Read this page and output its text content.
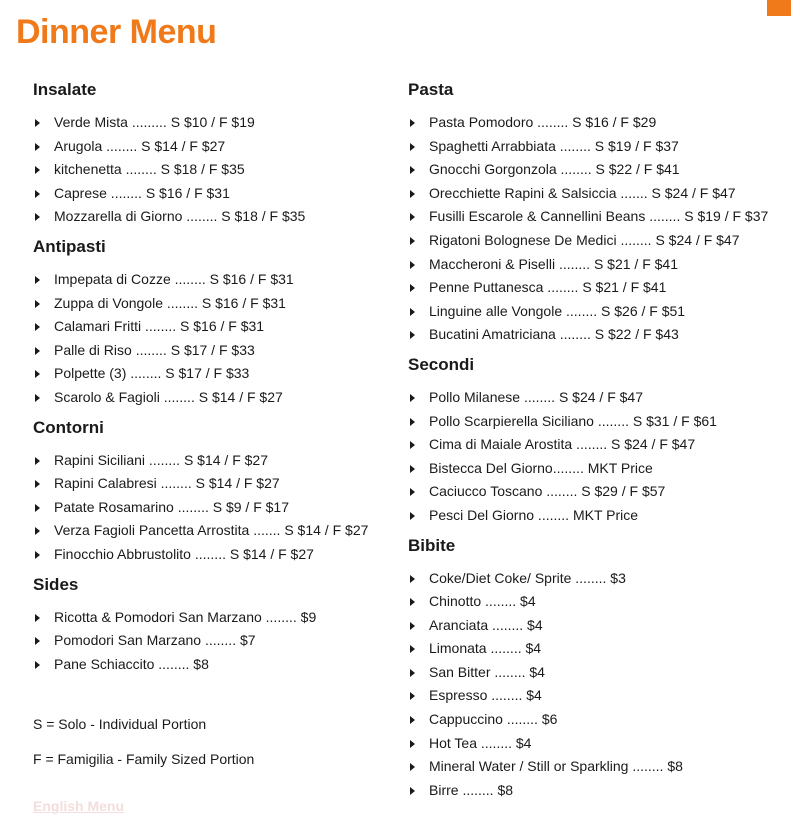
Dinner Menu
Insalate
Verde Mista ......... S $10 / F $19
Arugola ........ S $14 / F $27
kitchenetta ........ S $18 / F $35
Caprese ........ S $16 / F $31
Mozzarella di Giorno ........ S $18 / F $35
Antipasti
Impepata di Cozze ........ S $16 / F $31
Zuppa di Vongole ........ S $16 / F $31
Calamari Fritti ........ S $16 / F $31
Palle di Riso ........ S $17 / F $33
Polpette (3) ........ S $17 / F $33
Scarolo & Fagioli ........ S $14 / F $27
Contorni
Rapini Siciliani ........ S $14 / F $27
Rapini Calabresi ........ S $14 / F $27
Patate Rosamarino ........ S $9 / F $17
Verza Fagioli Pancetta Arrostita ....... S $14 / F $27
Finocchio Abbrustolito ........ S $14 / F $27
Sides
Ricotta & Pomodori San Marzano ........ $9
Pomodori San Marzano ........ $7
Pane Schiaccito ........ $8
Pasta
Pasta Pomodoro ........ S $16 / F $29
Spaghetti Arrabbiata ........ S $19 / F $37
Gnocchi Gorgonzola ........ S $22 / F $41
Orecchiette Rapini & Salsiccia ....... S $24 / F $47
Fusilli Escarole & Cannellini Beans ........ S $19 / F $37
Rigatoni Bolognese De Medici ........ S $24 / F $47
Maccheroni & Piselli ........ S $21 / F $41
Penne Puttanesca ........ S $21 / F $41
Linguine alle Vongole ........ S $26 / F $51
Bucatini Amatriciana ........ S $22 / F $43
Secondi
Pollo Milanese ........ S $24 / F $47
Pollo Scarpierella Siciliano ........ S $31 / F $61
Cima di Maiale Arostita ........ S $24 / F $47
Bistecca Del Giorno........ MKT Price
Caciucco Toscano ........ S $29 / F $57
Pesci Del Giorno ........ MKT Price
Bibite
Coke/Diet Coke/ Sprite ........ $3
Chinotto ........ $4
Aranciata ........ $4
Limonata ........ $4
San Bitter ........ $4
Espresso ........ $4
Cappuccino ........ $6
Hot Tea ........ $4
Mineral Water / Still or Sparkling ........ $8
Birre ........ $8
S = Solo - Individual Portion
F = Famigilia - Family Sized Portion
English Menu
